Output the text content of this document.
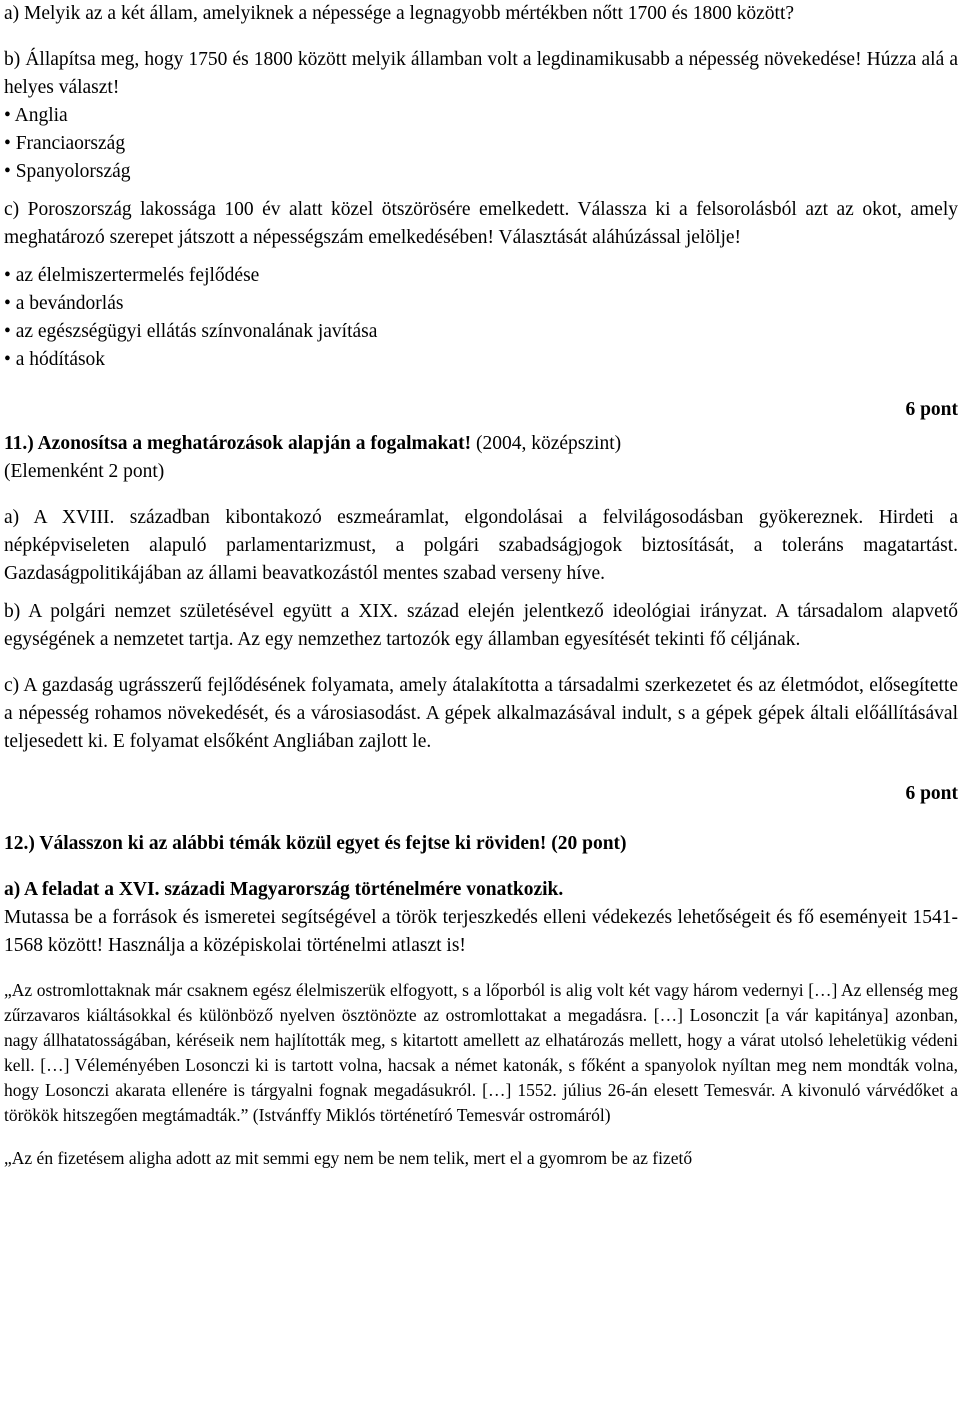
a) Melyik az a két állam, amelyiknek a népessége a legnagyobb mértékben nőtt 1700 és 1800 között?

b) Állapítsa meg, hogy 1750 és 1800 között melyik államban volt a legdinamikusabb a népesség növekedése! Húzza alá a helyes választ!

• Anglia

• Franciaország

• Spanyolország

c) Poroszország lakossága 100 év alatt közel ötszörösére emelkedett. Válassza ki a felsorolásból azt az okot, amely meghatározó szerepet játszott a népességszám emelkedésében! Választását aláhúzással jelölje!

• az élelmiszertermelés fejlődése

• a bevándorlás

• az egészségügyi ellátás színvonalának javítása

• a hódítások

6 pont

11.) Azonosítsa a meghatározások alapján a fogalmakat! (2004, középszint)

(Elemenként 2 pont)

a) A XVIII. században kibontakozó eszmeáramlat, elgondolásai a felvilágosodásban gyökereznek. Hirdeti a népképviseleten alapuló parlamentarizmust, a polgári szabadságjogok biztosítását, a toleráns magatartást. Gazdaságpolitikájában az állami beavatkozástól mentes szabad verseny híve.

b) A polgári nemzet születésével együtt a XIX. század elején jelentkező ideológiai irányzat. A társadalom alapvető egységének a nemzetet tartja. Az egy nemzethez tartozók egy államban egyesítését tekinti fő céljának.

c) A gazdaság ugrásszerű fejlődésének folyamata, amely átalakította a társadalmi szerkezetet és az életmódot, elősegítette a népesség rohamos növekedését, és a városiasodást. A gépek alkalmazásával indult, s a gépek gépek általi előállításával teljesedett ki. E folyamat elsőként Angliában zajlott le.

6 pont

12.) Válasszon ki az alábbi témák közül egyet és fejtse ki röviden! (20 pont)

a) A feladat a XVI. századi Magyarország történelmére vonatkozik.

Mutassa be a források és ismeretei segítségével a török terjeszkedés elleni védekezés lehetőségeit és fő eseményeit 1541-1568 között! Használja a középiskolai történelmi atlaszt is!

„Az ostromlottaknak már csaknem egész élelmiszerük elfogyott, s a lőporból is alig volt két vagy három vedernyi […] Az ellenség meg zűrzavaros kiáltásokkal és különböző nyelven ösztönözte az ostromlottakat a megadásra. […] Losonczit [a vár kapitánya] azonban, nagy állhatatosságában, kéréseik nem hajlították meg, s kitartott amellett az elhatározás mellett, hogy a várat utolsó leheletükig védeni kell. […] Véleményében Losonczi ki is tartott volna, hacsak a német katonák, s főként a spanyolok nyíltan meg nem mondták volna, hogy Losonczi akarata ellenére is tárgyalni fognak megadásukról. […] 1552. július 26-án elesett Temesvár. A kivonuló várvédőket a törökök hitszegően megtámadták.” (Istvánffy Miklós történetíró Temesvár ostromáról)

„Az én fizetésem aligha adott az mit semmi egy nem be nem telik, mert el a gyomrom be az fizető
